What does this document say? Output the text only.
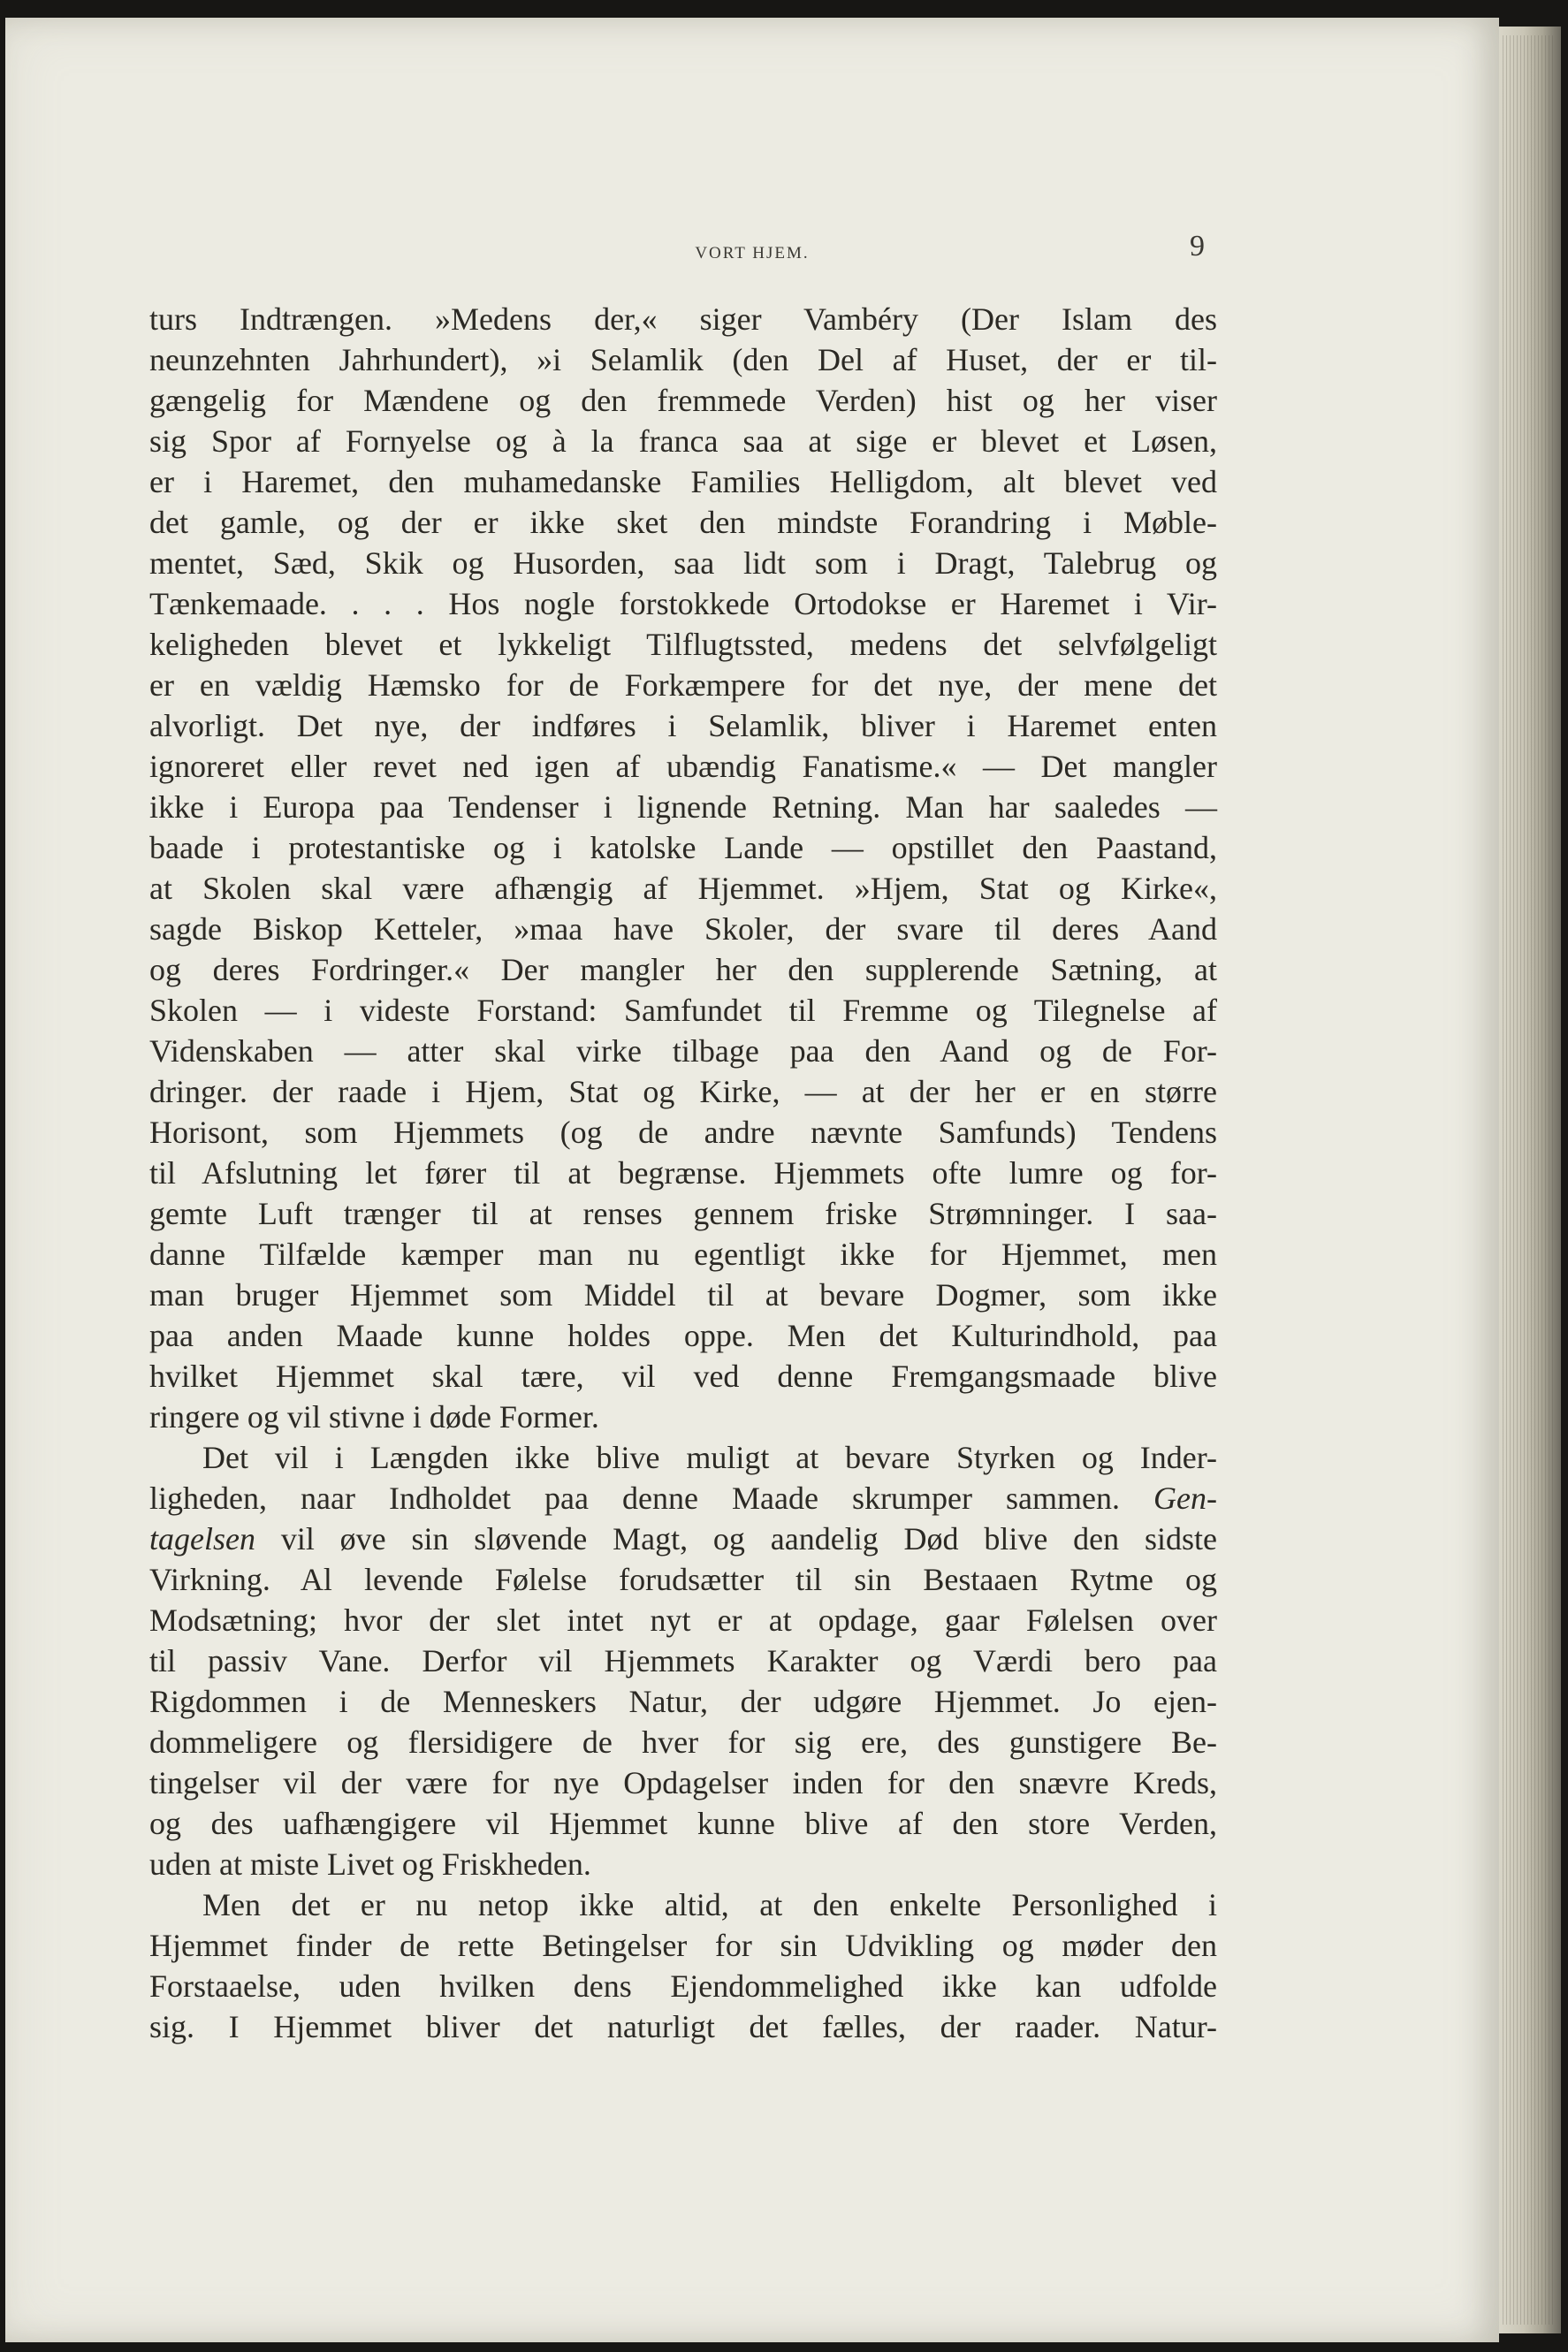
VORT HJEM.	9
turs Indtrængen. »Medens der,« siger Vambéry (Der Islam des
neunzehnten Jahrhundert), »i Selamlik (den Del af Huset, der er til-
gængelig for Mændene og den fremmede Verden) hist og her viser
sig Spor af Fornyelse og à la franca saa at sige er blevet et Løsen,
er i Haremet, den muhamedanske Families Helligdom, alt blevet ved
det gamle, og der er ikke sket den mindste Forandring i Møble-
mentet, Sæd, Skik og Husorden, saa lidt som i Dragt, Talebrug og
Tænkemaade. . . . Hos nogle forstokkede Ortodokse er Haremet i Vir-
keligheden blevet et lykkeligt Tilflugtssted, medens det selvfølgeligt
er en vældig Hæmsko for de Forkæmpere for det nye, der mene det
alvorligt. Det nye, der indføres i Selamlik, bliver i Haremet enten
ignoreret eller revet ned igen af ubændig Fanatisme.« — Det mangler
ikke i Europa paa Tendenser i lignende Retning. Man har saaledes —
baade i protestantiske og i katolske Lande — opstillet den Paastand,
at Skolen skal være afhængig af Hjemmet. »Hjem, Stat og Kirke«,
sagde Biskop Ketteler, »maa have Skoler, der svare til deres Aand
og deres Fordringer.« Der mangler her den supplerende Sætning, at
Skolen — i videste Forstand: Samfundet til Fremme og Tilegnelse af
Videnskaben — atter skal virke tilbage paa den Aand og de For-
dringer. der raade i Hjem, Stat og Kirke, — at der her er en større
Horisont, som Hjemmets (og de andre nævnte Samfunds) Tendens
til Afslutning let fører til at begrænse. Hjemmets ofte lumre og for-
gemte Luft trænger til at renses gennem friske Strømninger. I saa-
danne Tilfælde kæmper man nu egentligt ikke for Hjemmet, men
man bruger Hjemmet som Middel til at bevare Dogmer, som ikke
paa anden Maade kunne holdes oppe. Men det Kulturindhold, paa
hvilket Hjemmet skal tære, vil ved denne Fremgangsmaade blive
ringere og vil stivne i døde Former.
Det vil i Længden ikke blive muligt at bevare Styrken og Inder-
ligheden, naar Indholdet paa denne Maade skrumper sammen. Gen-
tagelsen vil øve sin sløvende Magt, og aandelig Død blive den sidste
Virkning. Al levende Følelse forudsætter til sin Bestaaen Rytme og
Modsætning; hvor der slet intet nyt er at opdage, gaar Følelsen over
til passiv Vane. Derfor vil Hjemmets Karakter og Værdi bero paa
Rigdommen i de Menneskers Natur, der udgøre Hjemmet. Jo ejen-
dommeligere og flersidigere de hver for sig ere, des gunstigere Be-
tingelser vil der være for nye Opdagelser inden for den snævre Kreds,
og des uafhængigere vil Hjemmet kunne blive af den store Verden,
uden at miste Livet og Friskheden.
Men det er nu netop ikke altid, at den enkelte Personlighed i
Hjemmet finder de rette Betingelser for sin Udvikling og møder den
Forstaaelse, uden hvilken dens Ejendommelighed ikke kan udfolde
sig. I Hjemmet bliver det naturligt det fælles, der raader. Natur-
